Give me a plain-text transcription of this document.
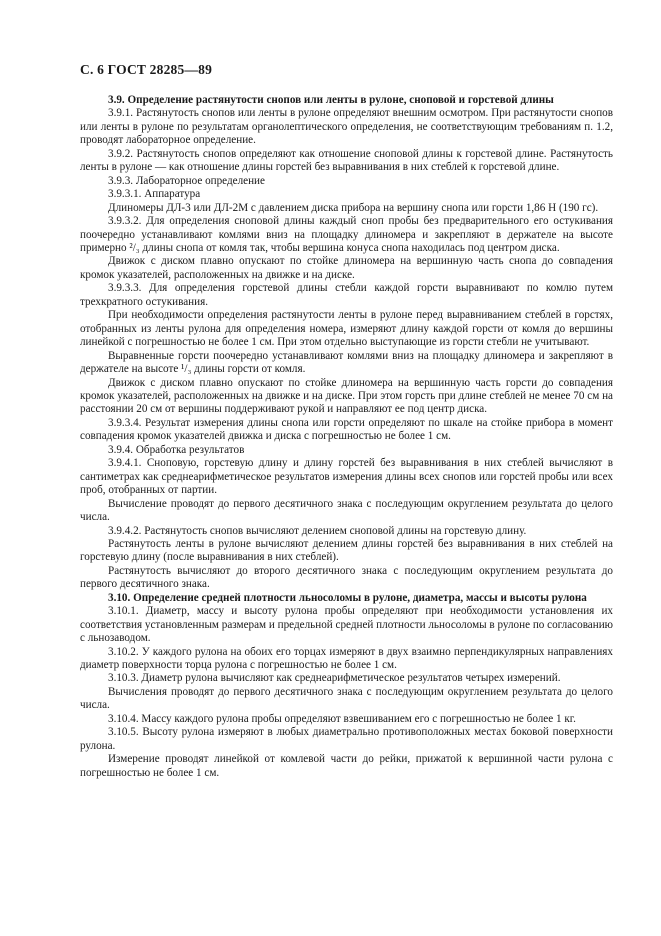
С. 6 ГОСТ 28285—89

3.9. Определение растянутости снопов или ленты в рулоне, сноповой и горстевой длины

3.9.1. Растянутость снопов или ленты в рулоне определяют внешним осмотром. При растянутости снопов или ленты в рулоне по результатам органолептического определения, не соответствующим требованиям п. 1.2, проводят лабораторное определение.

3.9.2. Растянутость снопов определяют как отношение сноповой длины к горстевой длине. Растянутость ленты в рулоне — как отношение длины горстей без выравнивания в них стеблей к горстевой длине.

3.9.3. Лабораторное определение

3.9.3.1. Аппаратура

Длиномеры ДЛ-3 или ДЛ-2М с давлением диска прибора на вершину снопа или горсти 1,86 Н (190 гс).

3.9.3.2. Для определения сноповой длины каждый сноп пробы без предварительного его остукивания поочередно устанавливают комлями вниз на площадку длиномера и закрепляют в держателе на высоте примерно ²/₃ длины снопа от комля так, чтобы вершина конуса снопа находилась под центром диска.

Движок с диском плавно опускают по стойке длиномера на вершинную часть снопа до совпадения кромок указателей, расположенных на движке и на диске.

3.9.3.3. Для определения горстевой длины стебли каждой горсти выравнивают по комлю путем трехкратного остукивания.

При необходимости определения растянутости ленты в рулоне перед выравниванием стеблей в горстях, отобранных из ленты рулона для определения номера, измеряют длину каждой горсти от комля до вершины линейкой с погрешностью не более 1 см. При этом отдельно выступающие из горсти стебли не учитывают.

Выравненные горсти поочередно устанавливают комлями вниз на площадку длиномера и закрепляют в держателе на высоте ¹/₃ длины горсти от комля.

Движок с диском плавно опускают по стойке длиномера на вершинную часть горсти до совпадения кромок указателей, расположенных на движке и на диске. При этом горсть при длине стеблей не менее 70 см на расстоянии 20 см от вершины поддерживают рукой и направляют ее под центр диска.

3.9.3.4. Результат измерения длины снопа или горсти определяют по шкале на стойке прибора в момент совпадения кромок указателей движка и диска с погрешностью не более 1 см.

3.9.4. Обработка результатов

3.9.4.1. Сноповую, горстевую длину и длину горстей без выравнивания в них стеблей вычисляют в сантиметрах как среднеарифметическое результатов измерения длины всех снопов или горстей пробы или всех проб, отобранных от партии.

Вычисление проводят до первого десятичного знака с последующим округлением результата до целого числа.

3.9.4.2. Растянутость снопов вычисляют делением сноповой длины на горстевую длину.

Растянутость ленты в рулоне вычисляют делением длины горстей без выравнивания в них стеблей на горстевую длину (после выравнивания в них стеблей).

Растянутость вычисляют до второго десятичного знака с последующим округлением результата до первого десятичного знака.

3.10. Определение средней плотности льносоломы в рулоне, диаметра, массы и высоты рулона

3.10.1. Диаметр, массу и высоту рулона пробы определяют при необходимости установления их соответствия установленным размерам и предельной средней плотности льносоломы в рулоне по согласованию с льнозаводом.

3.10.2. У каждого рулона на обоих его торцах измеряют в двух взаимно перпендикулярных направлениях диаметр поверхности торца рулона с погрешностью не более 1 см.

3.10.3. Диаметр рулона вычисляют как среднеарифметическое результатов четырех измерений.

Вычисления проводят до первого десятичного знака с последующим округлением результата до целого числа.

3.10.4. Массу каждого рулона пробы определяют взвешиванием его с погрешностью не более 1 кг.

3.10.5. Высоту рулона измеряют в любых диаметрально противоположных местах боковой поверхности рулона.

Измерение проводят линейкой от комлевой части до рейки, прижатой к вершинной части рулона с погрешностью не более 1 см.
